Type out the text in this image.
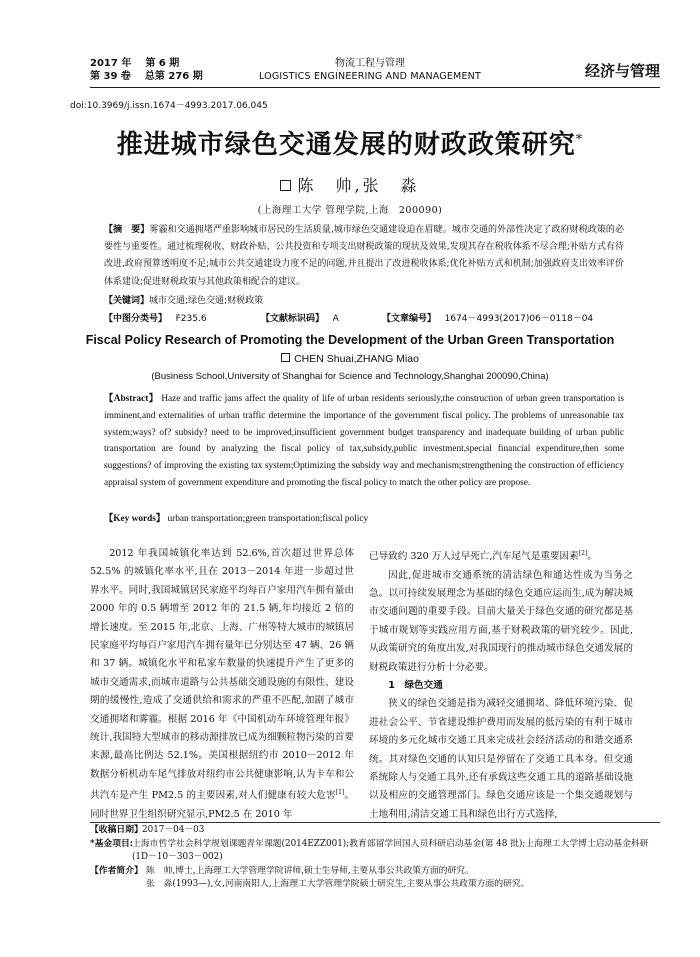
2017 年 第 6 期
第 39 卷 总第 276 期
物流工程与管理
LOGISTICS ENGINEERING AND MANAGEMENT	经济与管理
doi:10.3969/j.issn.1674－4993.2017.06.045
推进城市绿色交通发展的财政政策研究*
陈　帅,张　淼
(上海理工大学 管理学院,上海　200090)
【摘　要】雾霾和交通拥堵严重影响城市居民的生活质量,城市绿色交通建设迫在眉睫。城市交通的外部性决定了政府财税政策的必要性与重要性。通过梳理税收、财政补贴、公共投资和专项支出财税政策的现状及效果,发现其存在税收体系不尽合理;补贴方式有待改进,政府预算透明度不足;城市公共交通建设力度不足的问题,并且提出了改进税收体系;优化补贴方式和机制;加强政府支出效率评价体系建设;促进财税政策与其他政策相配合的建议。
【关键词】城市交通;绿色交通;财税政策
【中图分类号】 F235.6	【文献标识码】 A	【文章编号】 1674－4993(2017)06－0118－04
Fiscal Policy Research of Promoting the Development of the Urban Green Transportation
CHEN Shuai,ZHANG Miao
(Business School,University of Shanghai for Science and Technology,Shanghai 200090,China)
【Abstract】 Haze and traffic jams affect the quality of life of urban residents seriously,the construction of urban green transportation is imminent,and externalities of urban traffic determine the importance of the government fiscal policy. The problems of unreasonable tax system;ways? of? subsidy? need to be improved,insufficient government budget transparency and inadequate building of urban public transportation are found by analyzing the fiscal policy of tax,subsidy,public investment,special financial expenditure,then some suggestions? of improving the existing tax system;Optimizing the subsidy way and mechanism;strengthening the construction of efficiency appraisal system of government expenditure and promoting the fiscal policy to match the other policy are propose.
【Key words】 urban transportation;green transportation;fiscal policy

2012 年我国城镇化率达到 52.6%,首次超过世界总体 52.5% 的城镇化率水平,且在 2013－2014 年进一步超过世界水平。同时,我国城镇居民家庭平均每百户家用汽车拥有量由 2000 年的 0.5 辆增至 2012 年的 21.5 辆,年均接近 2 倍的增长速度。至 2015 年,北京、上海、广州等特大城市的城镇居民家庭平均每百户家用汽车拥有量年已分别达至 47 辆、26 辆和 37 辆。城镇化水平和私家车数量的快速提升产生了更多的城市交通需求,而城市道路与公共基础交通设施的有限性、建设期的缓慢性,造成了交通供给和需求的严重不匹配,加剧了城市交通拥堵和雾霾。根据 2016 年《中国机动车环境管理年报》统计,我国特大型城市的移动源排放已成为细颗粒物污染的首要来源,最高比例达 52.1%。美国根据纽约市 2010－2012 年数据分析机动车尾气排放对纽约市公共健康影响,认为卡车和公共汽车是产生 PM2.5 的主要因素,对人们健康有较大危害[1]。同时世界卫生组织研究显示,PM2.5 在 2010 年

已导致约 320 万人过早死亡,汽车尾气是重要因素[2]。

因此,促进城市交通系统的清洁绿色和通达性成为当务之急。以可持续发展理念为基础的绿色交通应运而生,成为解决城市交通问题的重要手段。目前大量关于绿色交通的研究都是基于城市规划等实践应用方面,基于财税政策的研究较少。因此,从政策研究的角度出发,对我国现行的推动城市绿色交通发展的财税政策进行分析十分必要。

1　绿色交通

狭义的绿色交通是指为减轻交通拥堵、降低环境污染、促进社会公平、节省建设维护费用而发展的低污染的有利于城市环境的多元化城市交通工具来完成社会经济活动的和谐交通系统。其对绿色交通的认知只是停留在了交通工具本身。但交通系统除人与交通工具外,还有承载这些交通工具的道路基础设施以及相应的交通管理部门。绿色交通应该是一个集交通规划与土地利用,清洁交通工具和绿色出行方式选择,

【收稿日期】 2017－04－03
*基金项目:
上海市哲学社会科学规划课题青年课题(2014EZZ001);教育部留学回国人员科研启动基金(第 48 批);上海理工大学博士启动基金科研(1D－10－303－002)
【作者简介】 陈　帅,博士,上海理工大学管理学院讲师,硕士生导师,主要从事公共政策方面的研究。
张　淼(1993—),女,河南南阳人,上海理工大学管理学院硕士研究生,主要从事公共政策方面的研究。
